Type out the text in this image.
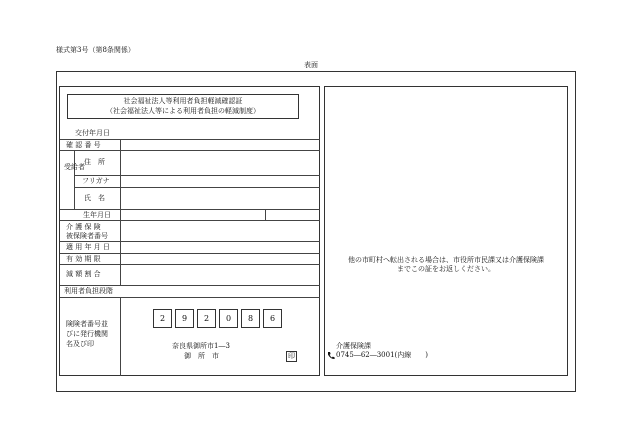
様式第3号（第8条関係）
表面
社会福祉法人等利用者負担軽減確認証
（社会福祉法人等による利用者負担の軽減制度）
交付年月日
確 認 番 号
受給者
住　所
フリガナ
氏　名
生年月日
介 護 保 険
被保険者番号
適 用 年 月 日
有 効 期 限
減 額 割 合
利用者負担段階
険険者番号並
びに発行機関
名及び印
2	9	2	0	8	6
奈良県御所市1―3
御　所　市	印
他の市町村へ転出される場合は、市役所市民課又は介護保険課
までこの証をお返しください。
介護保険課
0745―62―3001(内線　　)
